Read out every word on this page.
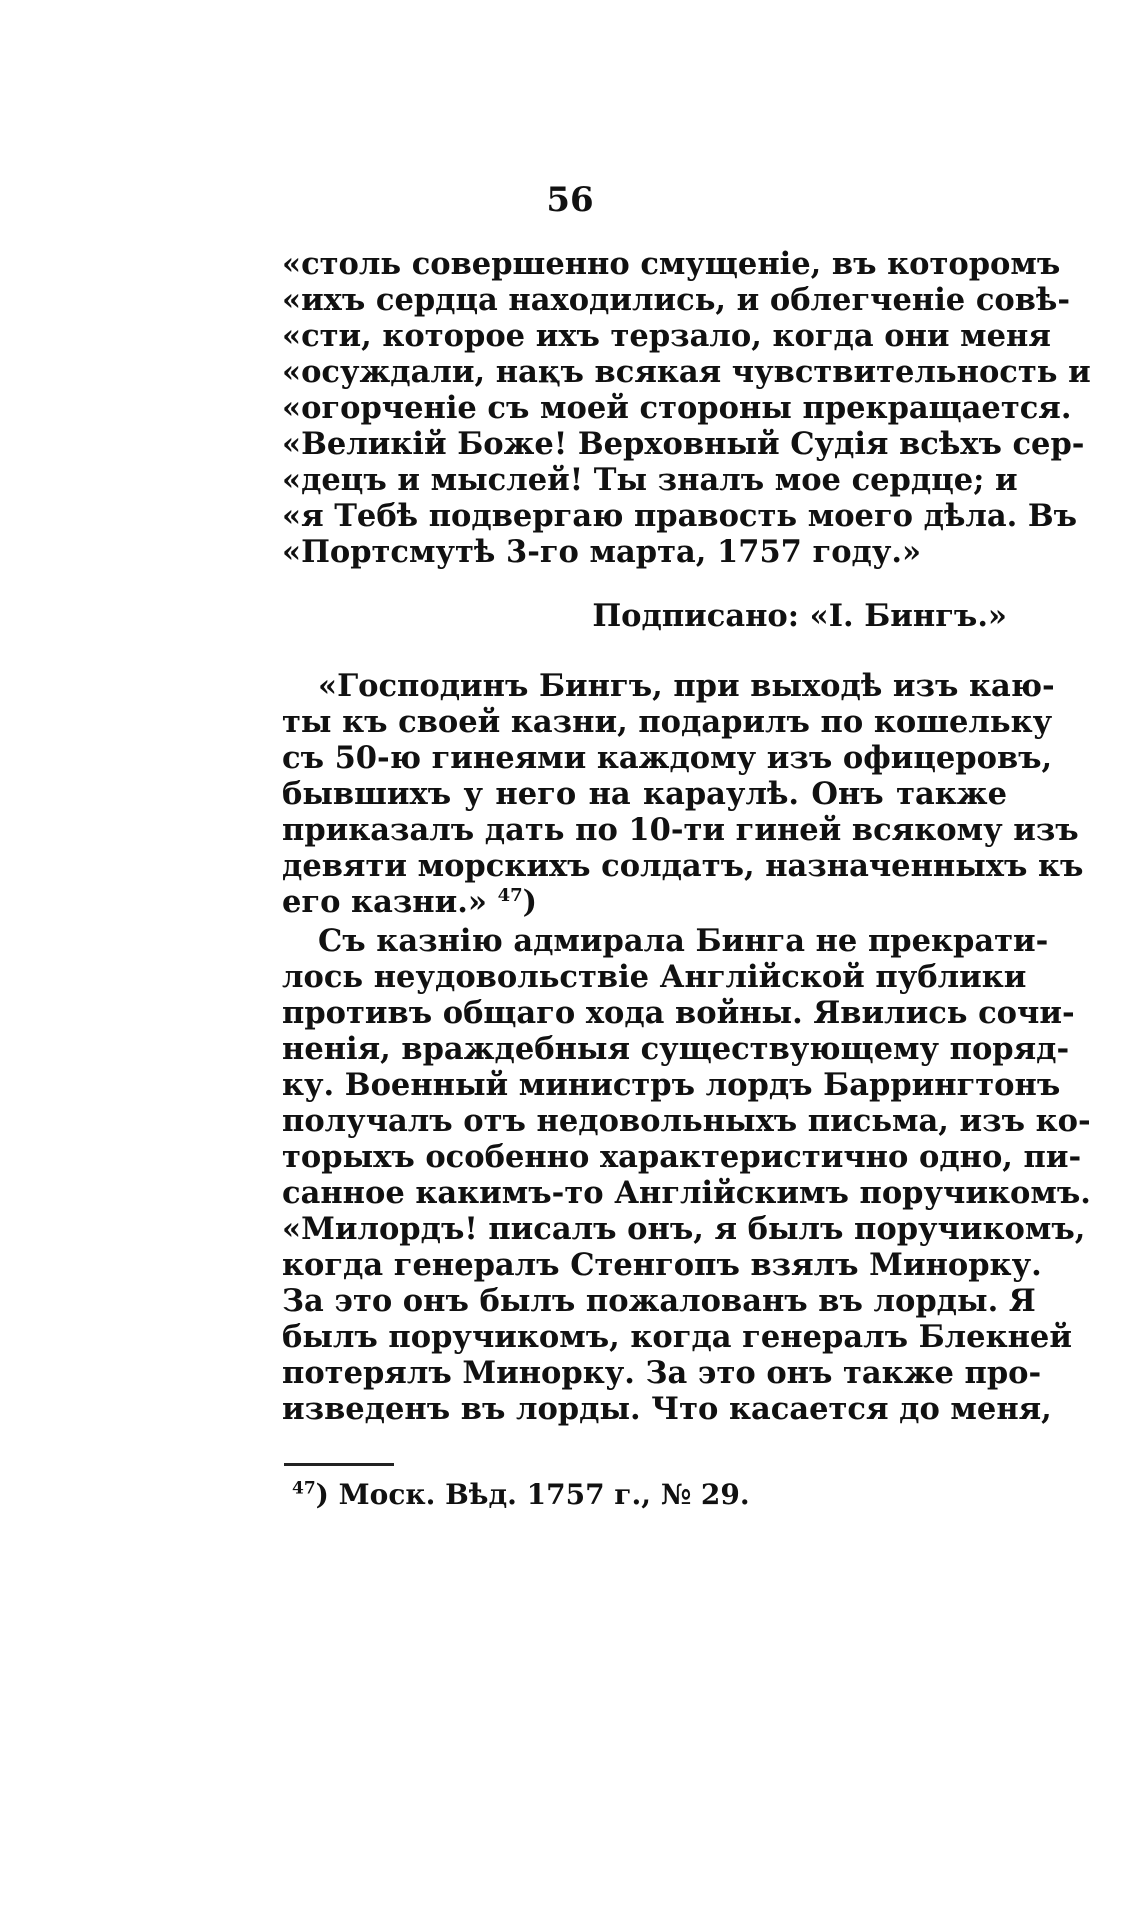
56
«столь совершенно смущеніе, въ которомъ
«ихъ сердца находились, и облегченіе совѣ-
«сти, которое ихъ терзало, когда они меня
«осуждали, нақъ всякая чувствительность и
«огорченіе съ моей стороны прекращается.
«Великій Боже! Верховный Судія всѣхъ сер-
«децъ и мыслей! Ты зналъ мое сердце; и
«я Тебѣ подвергаю правость моего дѣла. Въ
«Портсмутѣ 3-го марта, 1757 году.»
Подписано: «І. Бингъ.»
«Господинъ Бингъ, при выходѣ изъ каю-
ты къ своей казни, подарилъ по кошельку
съ 50-ю гинеями каждому изъ офицеровъ,
бывшихъ у него на караулѣ. Онъ также
приказалъ дать по 10-ти гиней всякому изъ
девяти морскихъ солдатъ, назначенныхъ къ
его казни.» $^{47}$)
Съ казнію адмирала Бинга не прекрати-
лось неудовольствіе Англійской публики
противъ общаго хода войны. Явились сочи-
ненія, враждебныя существующему поряд-
ку. Военный министръ лордъ Баррингтонъ
получалъ отъ недовольныхъ письма, изъ ко-
торыхъ особенно характеристично одно, пи-
санное какимъ-то Англійскимъ поручикомъ.
«Милордъ! писалъ онъ, я былъ поручикомъ,
когда генералъ Стенгопъ взялъ Минорку.
За это онъ былъ пожалованъ въ лорды. Я
былъ поручикомъ, когда генералъ Блекней
потерялъ Минорку. За это онъ также про-
изведенъ въ лорды. Что касается до меня,
$^{47}$) Моск. Вѣд. 1757 г., № 29.
